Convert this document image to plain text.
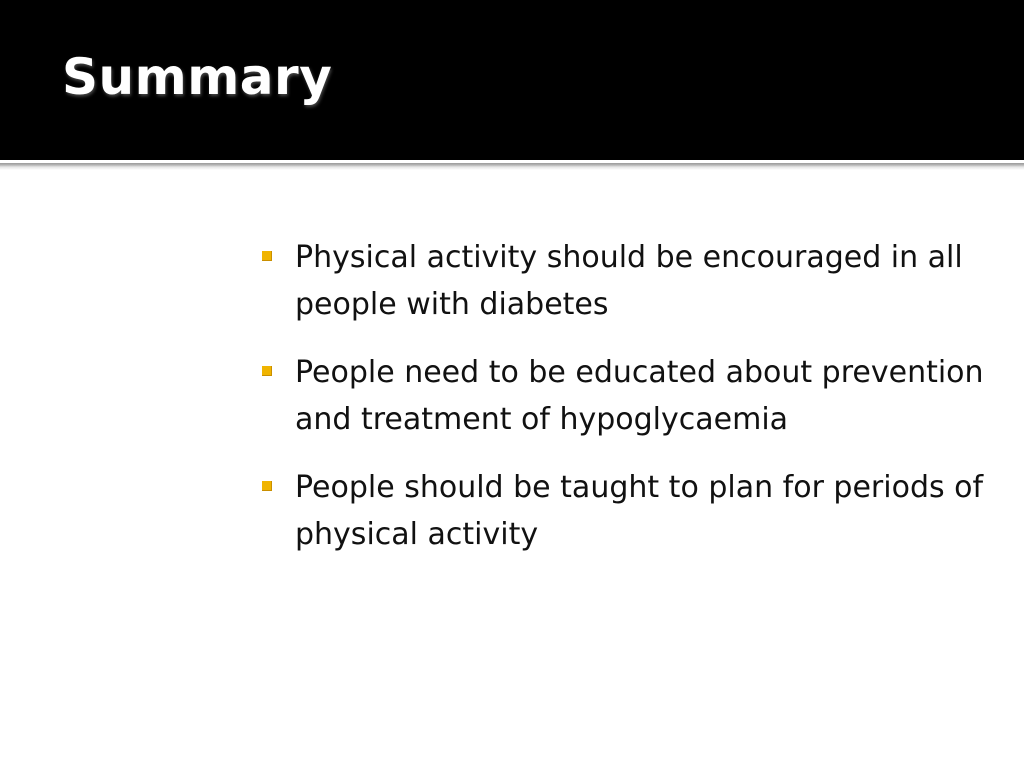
Summary
Physical activity should be encouraged in all people with diabetes
People need to be educated about prevention and treatment of hypoglycaemia
People should be taught to plan for periods of physical activity
